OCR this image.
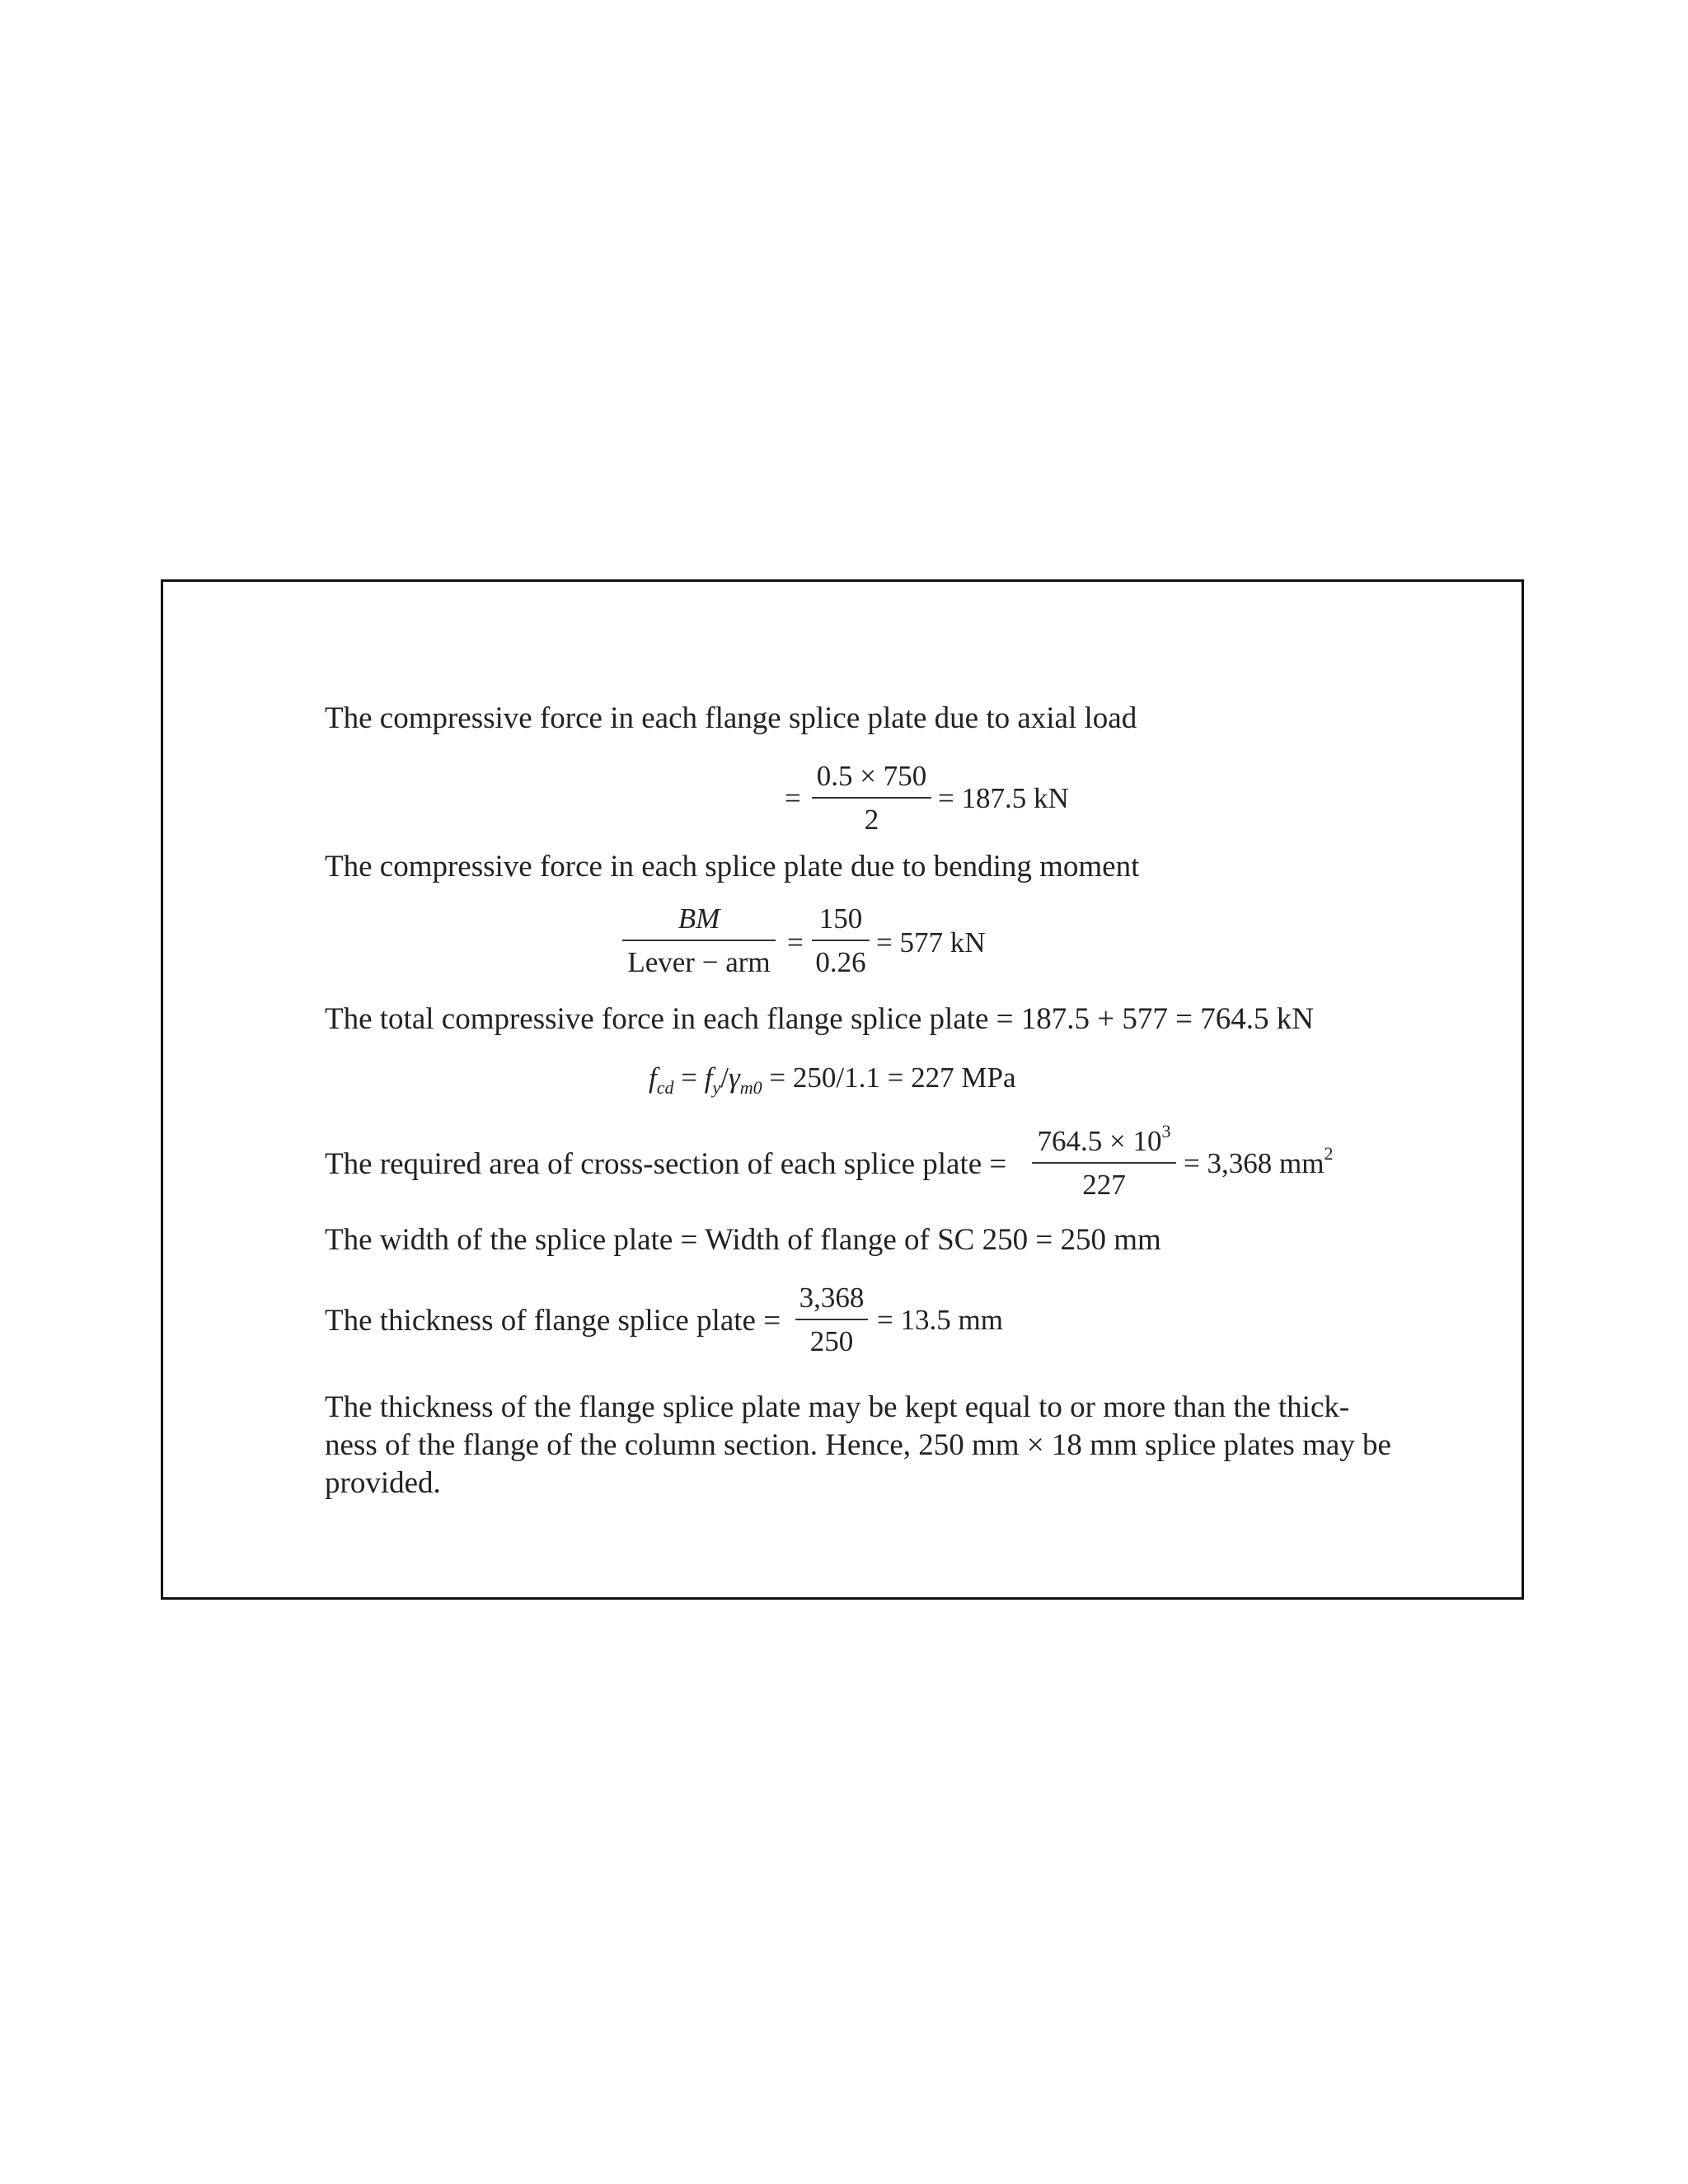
The compressive force in each flange splice plate due to axial load
=
0.5 × 750
2
= 187.5 kN
The compressive force in each splice plate due to bending moment
BM
Lever − arm
=
150
0.26
= 577 kN
The total compressive force in each flange splice plate = 187.5 + 577 = 764.5 kN
$f_{cd} = f_y/\gamma_{m0} = 250/1.1 = 227$ MPa
The required area of cross-section of each splice plate =
$764.5 \times 10^3$
227
= 3,368 $mm^2$
The width of the splice plate = Width of flange of SC 250 = 250 mm
The thickness of flange splice plate =
3,368
250
= 13.5 mm
The thickness of the flange splice plate may be kept equal to or more than the thick-
ness of the flange of the column section. Hence, 250 mm × 18 mm splice plates may be
provided.
